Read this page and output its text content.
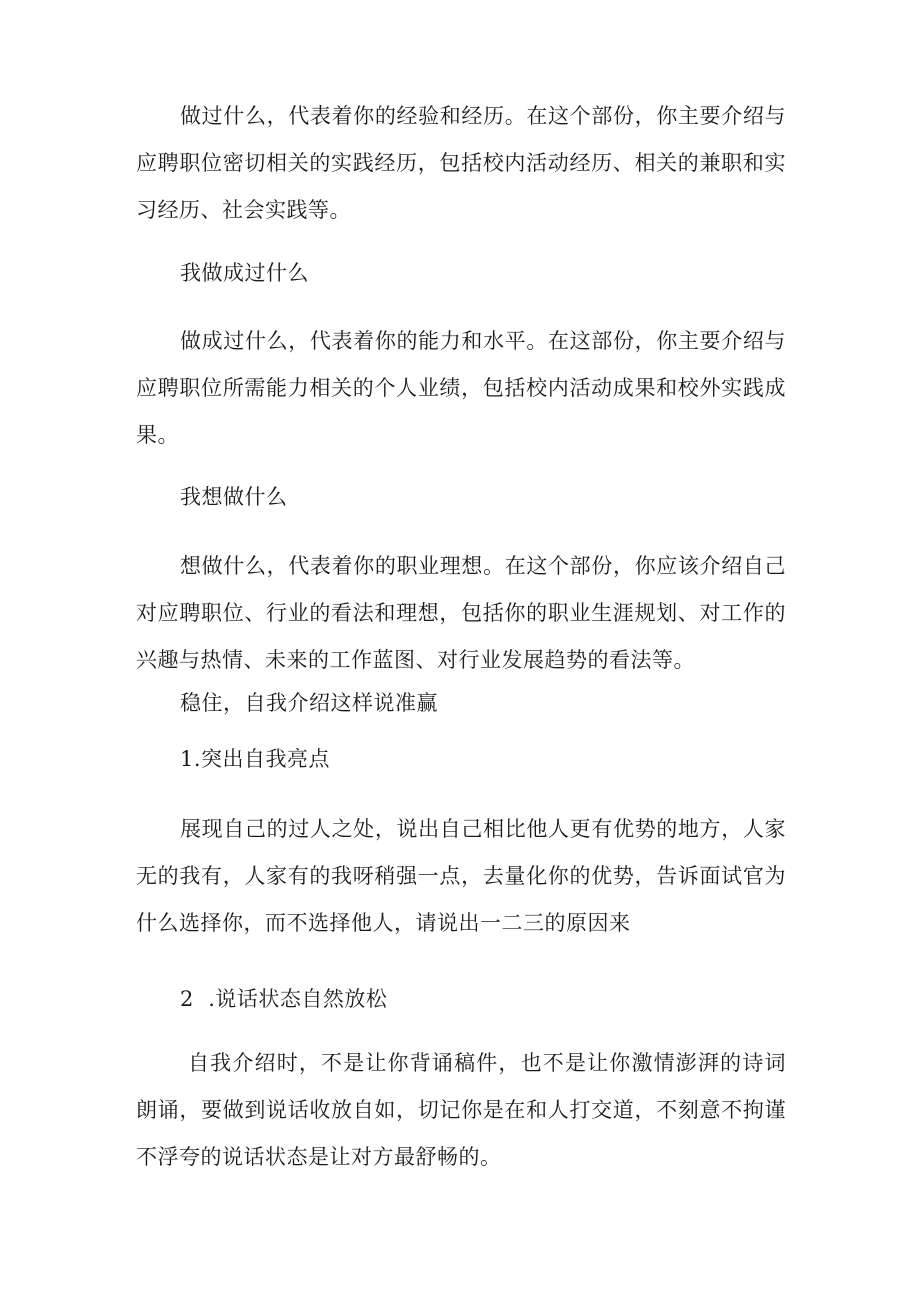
做过什么，代表着你的经验和经历。在这个部份，你主要介绍与应聘职位密切相关的实践经历，包括校内活动经历、相关的兼职和实习经历、社会实践等。

我做成过什么

做成过什么，代表着你的能力和水平。在这部份，你主要介绍与应聘职位所需能力相关的个人业绩，包括校内活动成果和校外实践成果。

我想做什么

想做什么，代表着你的职业理想。在这个部份，你应该介绍自己对应聘职位、行业的看法和理想，包括你的职业生涯规划、对工作的兴趣与热情、未来的工作蓝图、对行业发展趋势的看法等。

稳住，自我介绍这样说准赢

1.突出自我亮点

展现自己的过人之处，说出自己相比他人更有优势的地方，人家无的我有，人家有的我呀稍强一点，去量化你的优势，告诉面试官为什么选择你，而不选择他人，请说出一二三的原因来

2  .说话状态自然放松

自我介绍时，不是让你背诵稿件，也不是让你激情澎湃的诗词朗诵，要做到说话收放自如，切记你是在和人打交道，不刻意不拘谨不浮夸的说话状态是让对方最舒畅的。
